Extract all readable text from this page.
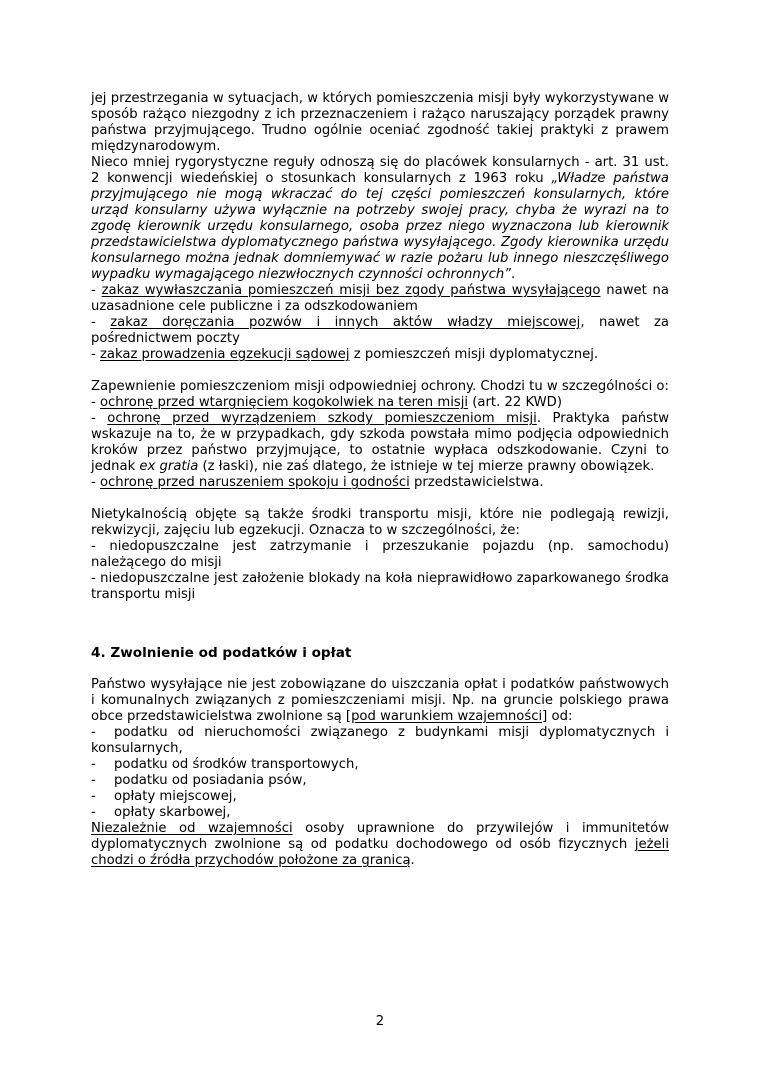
jej przestrzegania w sytuacjach, w których pomieszczenia misji były wykorzystywane w sposób rażąco niezgodny z ich przeznaczeniem i rażąco naruszający porządek prawny państwa przyjmującego. Trudno ogólnie oceniać zgodność takiej praktyki z prawem międzynarodowym.

Nieco mniej rygorystyczne reguły odnoszą się do placówek konsularnych - art. 31 ust. 2 konwencji wiedeńskiej o stosunkach konsularnych z 1963 roku „Władze państwa przyjmującego nie mogą wkraczać do tej części pomieszczeń konsularnych, które urząd konsularny używa wyłącznie na potrzeby swojej pracy, chyba że wyrazi na to zgodę kierownik urzędu konsularnego, osoba przez niego wyznaczona lub kierownik przedstawicielstwa dyplomatycznego państwa wysyłającego. Zgody kierownika urzędu konsularnego można jednak domniemywać w razie pożaru lub innego nieszczęśliwego wypadku wymagającego niezwłocznych czynności ochronnych”.

- zakaz wywłaszczania pomieszczeń misji bez zgody państwa wysyłającego nawet na uzasadnione cele publiczne i za odszkodowaniem

- zakaz doręczania pozwów i innych aktów władzy miejscowej, nawet za pośrednictwem poczty

- zakaz prowadzenia egzekucji sądowej z pomieszczeń misji dyplomatycznej.

Zapewnienie pomieszczeniom misji odpowiedniej ochrony. Chodzi tu w szczególności o:

- ochronę przed wtargnięciem kogokolwiek na teren misji (art. 22 KWD)

- ochronę przed wyrządzeniem szkody pomieszczeniom misji. Praktyka państw wskazuje na to, że w przypadkach, gdy szkoda powstała mimo podjęcia odpowiednich kroków przez państwo przyjmujące, to ostatnie wypłaca odszkodowanie. Czyni to jednak ex gratia (z łaski), nie zaś dlatego, że istnieje w tej mierze prawny obowiązek.

- ochronę przed naruszeniem spokoju i godności przedstawicielstwa.

Nietykalnością objęte są także środki transportu misji, które nie podlegają rewizji, rekwizycji, zajęciu lub egzekucji. Oznacza to w szczególności, że:

- niedopuszczalne jest zatrzymanie i przeszukanie pojazdu (np. samochodu) należącego do misji

- niedopuszczalne jest założenie blokady na koła nieprawidłowo zaparkowanego środka transportu misji

4. Zwolnienie od podatków i opłat

Państwo wysyłające nie jest zobowiązane do uiszczania opłat i podatków państwowych i komunalnych związanych z pomieszczeniami misji. Np. na gruncie polskiego prawa obce przedstawicielstwa zwolnione są [pod warunkiem wzajemności] od:

- podatku od nieruchomości związanego z budynkami misji dyplomatycznych i konsularnych,

- podatku od środków transportowych,

- podatku od posiadania psów,

- opłaty miejscowej,

- opłaty skarbowej,

Niezależnie od wzajemności osoby uprawnione do przywilejów i immunitetów dyplomatycznych zwolnione są od podatku dochodowego od osób fizycznych jeżeli chodzi o źródła przychodów położone za granicą.

2
